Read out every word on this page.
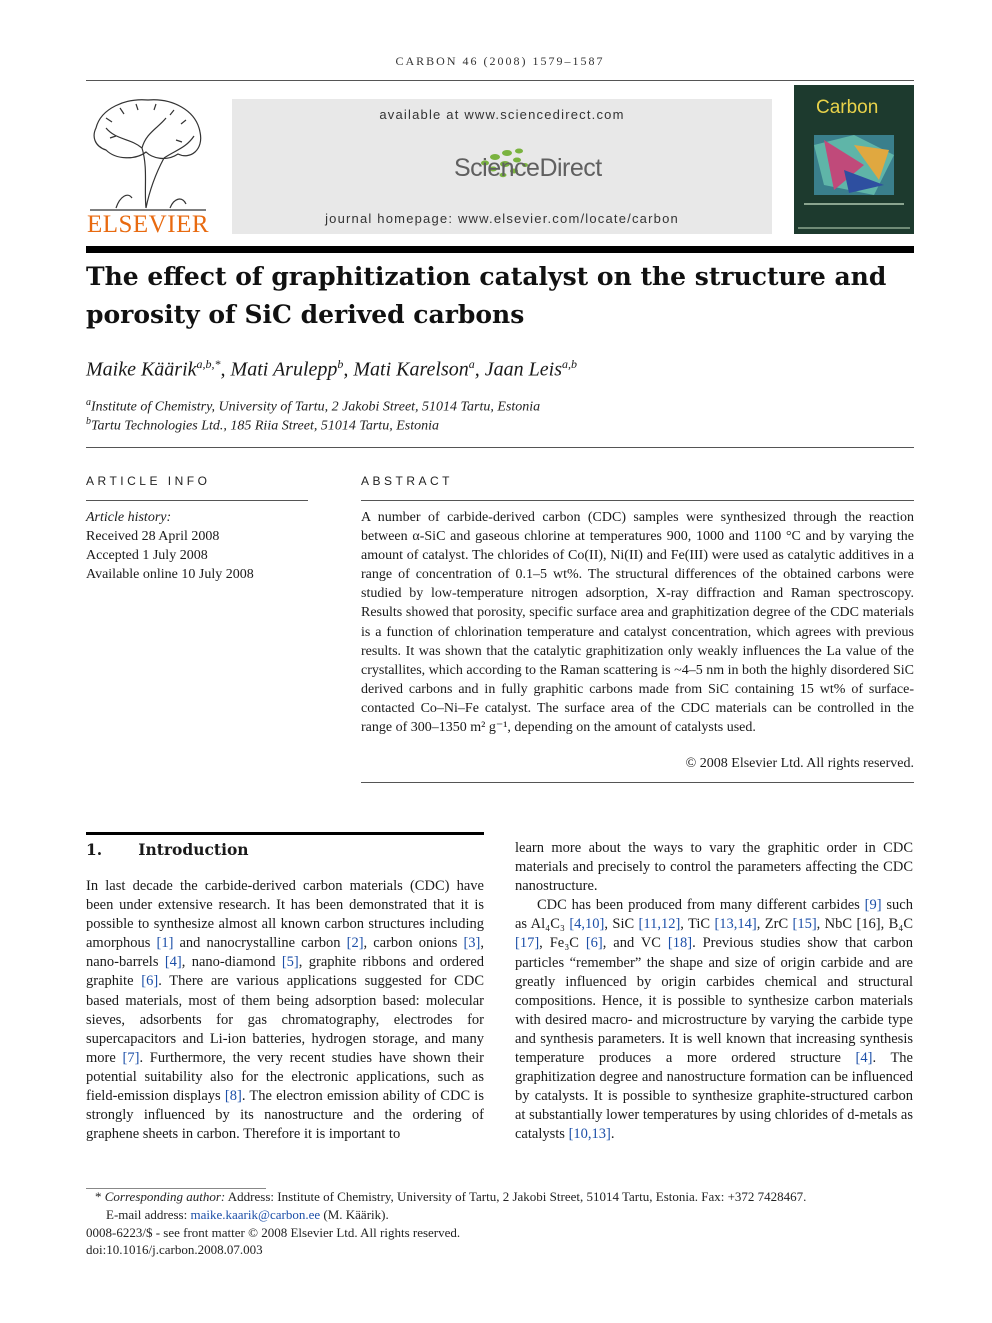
CARBON 46 (2008) 1579–1587
ELSEVIER
available at www.sciencedirect.com
ScienceDirect
journal homepage: www.elsevier.com/locate/carbon
Carbon
The effect of graphitization catalyst on the structure and porosity of SiC derived carbons
Maike Käärik$^{a,b,*}$, Mati Arulepp$^b$, Mati Karelson$^a$, Jaan Leis$^{a,b}$
$^a$Institute of Chemistry, University of Tartu, 2 Jakobi Street, 51014 Tartu, Estonia
$^b$Tartu Technologies Ltd., 185 Riia Street, 51014 Tartu, Estonia
ARTICLE INFO
Article history:
Received 28 April 2008
Accepted 1 July 2008
Available online 10 July 2008
ABSTRACT
A number of carbide-derived carbon (CDC) samples were synthesized through the reaction between α-SiC and gaseous chlorine at temperatures 900, 1000 and 1100 °C and by varying the amount of catalyst. The chlorides of Co(II), Ni(II) and Fe(III) were used as catalytic additives in a range of concentration of 0.1–5 wt%. The structural differences of the obtained carbons were studied by low-temperature nitrogen adsorption, X-ray diffraction and Raman spectroscopy. Results showed that porosity, specific surface area and graphitization degree of the CDC materials is a function of chlorination temperature and catalyst concentration, which agrees with previous results. It was shown that the catalytic graphitization only weakly influences the La value of the crystallites, which according to the Raman scattering is ~4–5 nm in both the highly disordered SiC derived carbons and in fully graphitic carbons made from SiC containing 15 wt% of surface-contacted Co–Ni–Fe catalyst. The surface area of the CDC materials can be controlled in the range of 300–1350 m² g⁻¹, depending on the amount of catalysts used.
© 2008 Elsevier Ltd. All rights reserved.
1. Introduction

In last decade the carbide-derived carbon materials (CDC) have been under extensive research. It has been demonstrated that it is possible to synthesize almost all known carbon structures including amorphous [1] and nanocrystalline carbon [2], carbon onions [3], nano-barrels [4], nano-diamond [5], graphite ribbons and ordered graphite [6]. There are various applications suggested for CDC based materials, most of them being adsorption based: molecular sieves, adsorbents for gas chromatography, electrodes for supercapacitors and Li-ion batteries, hydrogen storage, and many more [7]. Furthermore, the very recent studies have shown their potential suitability also for the electronic applications, such as field-emission displays [8]. The electron emission ability of CDC is strongly influenced by its nanostructure and the ordering of graphene sheets in carbon. Therefore it is important to

learn more about the ways to vary the graphitic order in CDC materials and precisely to control the parameters affecting the CDC nanostructure.

CDC has been produced from many different carbides [9] such as Al₄C₃ [4,10], SiC [11,12], TiC [13,14], ZrC [15], NbC [16], B₄C [17], Fe₃C [6], and VC [18]. Previous studies show that carbon particles “remember” the shape and size of origin carbide and are greatly influenced by origin carbides chemical and structural compositions. Hence, it is possible to synthesize carbon materials with desired macro- and microstructure by varying the carbide type and synthesis parameters. It is well known that increasing synthesis temperature produces a more ordered structure [4]. The graphitization degree and nanostructure formation can be influenced by catalysts. It is possible to synthesize graphite-structured carbon at substantially lower temperatures by using chlorides of d-metals as catalysts [10,13].

* Corresponding author: Address: Institute of Chemistry, University of Tartu, 2 Jakobi Street, 51014 Tartu, Estonia. Fax: +372 7428467.
E-mail address: maike.kaarik@carbon.ee (M. Käärik).
0008-6223/$ - see front matter © 2008 Elsevier Ltd. All rights reserved.
doi:10.1016/j.carbon.2008.07.003
